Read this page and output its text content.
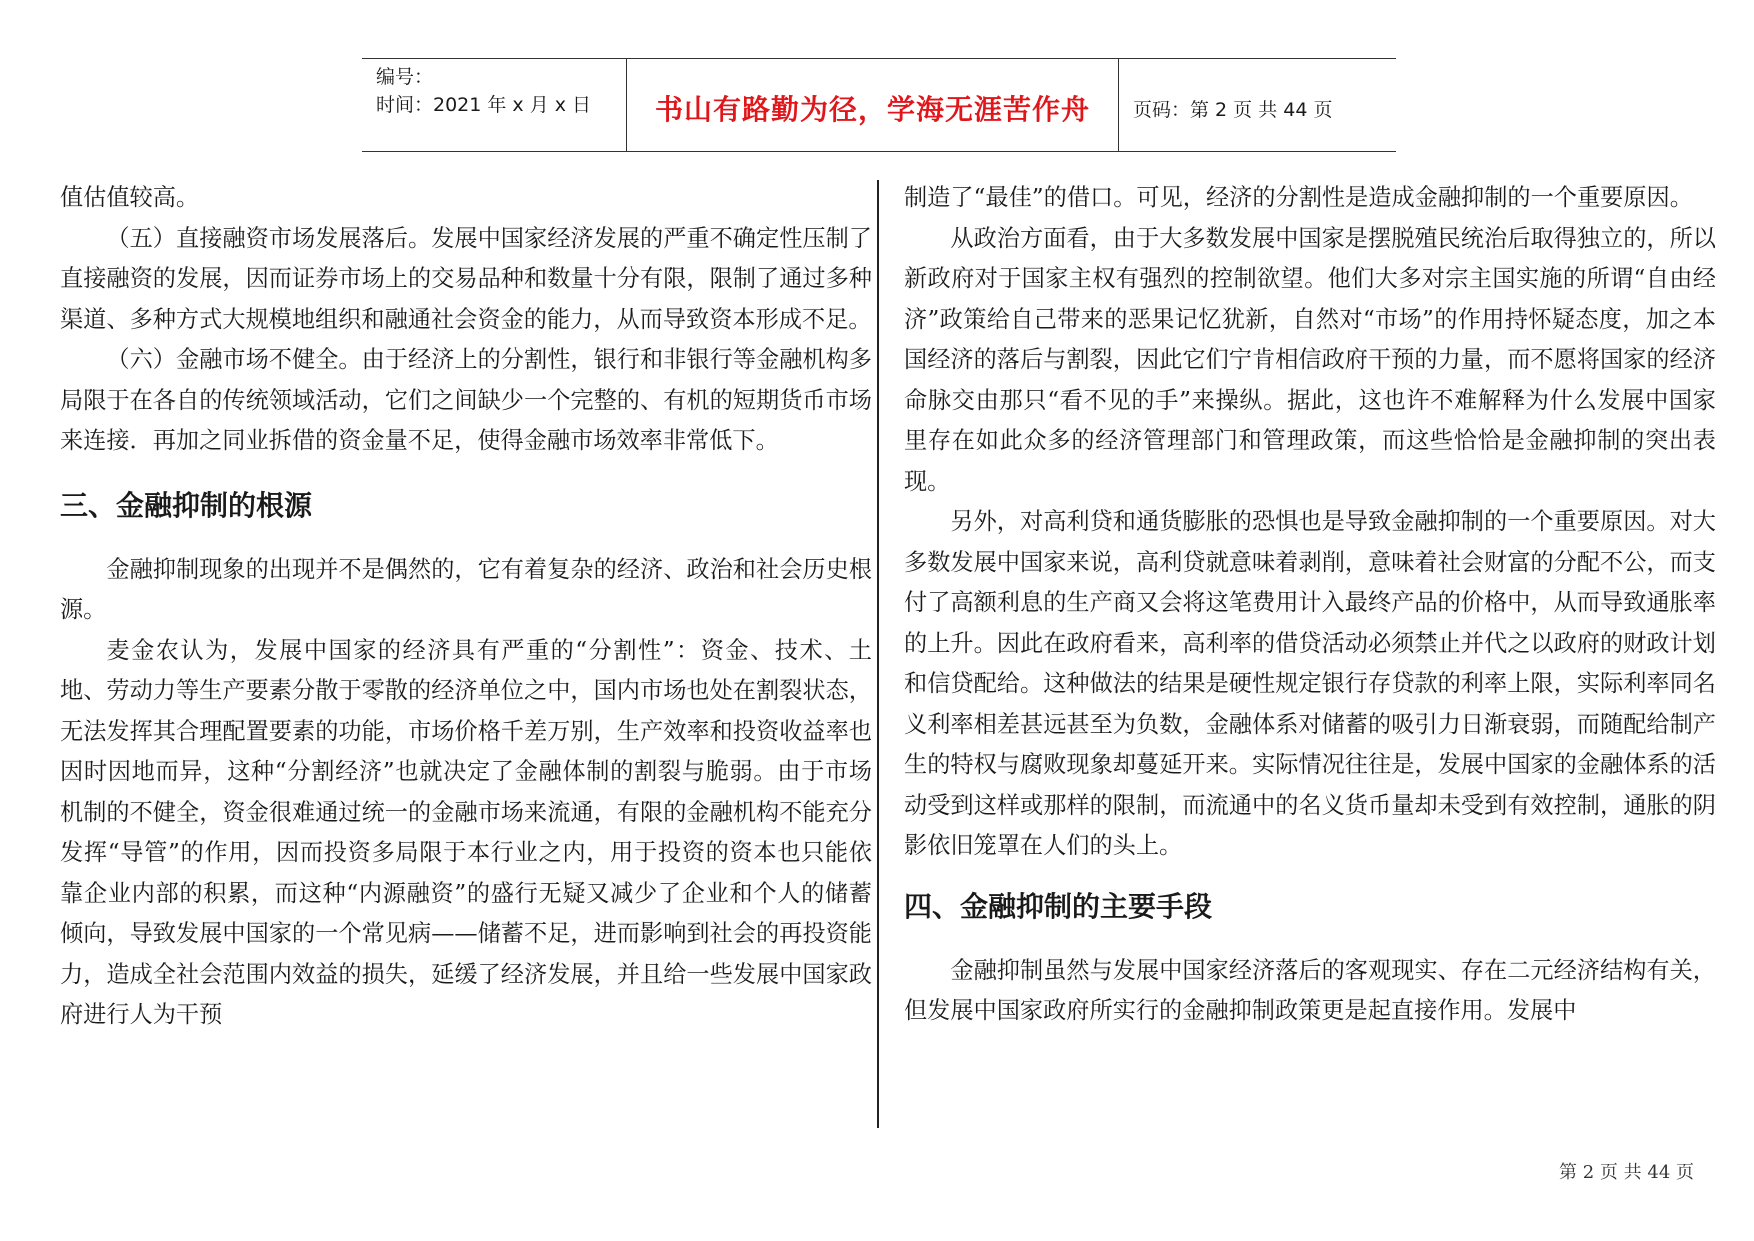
编号：
时间：2021 年 x 月 x 日	书山有路勤为径，学海无涯苦作舟	页码：第 2 页 共 44 页

值估值较高。

（五）直接融资市场发展落后。发展中国家经济发展的严重不确定性压制了直接融资的发展，因而证券市场上的交易品种和数量十分有限，限制了通过多种渠道、多种方式大规模地组织和融通社会资金的能力，从而导致资本形成不足。

（六）金融市场不健全。由于经济上的分割性，银行和非银行等金融机构多局限于在各自的传统领域活动，它们之间缺少一个完整的、有机的短期货币市场来连接．再加之同业拆借的资金量不足，使得金融市场效率非常低下。

三、金融抑制的根源

金融抑制现象的出现并不是偶然的，它有着复杂的经济、政治和社会历史根源。

麦金农认为，发展中国家的经济具有严重的“分割性”：资金、技术、土地、劳动力等生产要素分散于零散的经济单位之中，国内市场也处在割裂状态，无法发挥其合理配置要素的功能，市场价格千差万别，生产效率和投资收益率也因时因地而异，这种“分割经济”也就决定了金融体制的割裂与脆弱。由于市场机制的不健全，资金很难通过统一的金融市场来流通，有限的金融机构不能充分发挥“导管”的作用，因而投资多局限于本行业之内，用于投资的资本也只能依靠企业内部的积累，而这种“内源融资”的盛行无疑又减少了企业和个人的储蓄倾向，导致发展中国家的一个常见病——储蓄不足，进而影响到社会的再投资能力，造成全社会范围内效益的损失，延缓了经济发展，并且给一些发展中国家政府进行人为干预

制造了“最佳”的借口。可见，经济的分割性是造成金融抑制的一个重要原因。

从政治方面看，由于大多数发展中国家是摆脱殖民统治后取得独立的，所以新政府对于国家主权有强烈的控制欲望。他们大多对宗主国实施的所谓“自由经济”政策给自己带来的恶果记忆犹新，自然对“市场”的作用持怀疑态度，加之本国经济的落后与割裂，因此它们宁肯相信政府干预的力量，而不愿将国家的经济命脉交由那只“看不见的手”来操纵。据此，这也许不难解释为什么发展中国家里存在如此众多的经济管理部门和管理政策，而这些恰恰是金融抑制的突出表现。

另外，对高利贷和通货膨胀的恐惧也是导致金融抑制的一个重要原因。对大多数发展中国家来说，高利贷就意味着剥削，意味着社会财富的分配不公，而支付了高额利息的生产商又会将这笔费用计入最终产品的价格中，从而导致通胀率的上升。因此在政府看来，高利率的借贷活动必须禁止并代之以政府的财政计划和信贷配给。这种做法的结果是硬性规定银行存贷款的利率上限，实际利率同名义利率相差甚远甚至为负数，金融体系对储蓄的吸引力日渐衰弱，而随配给制产生的特权与腐败现象却蔓延开来。实际情况往往是，发展中国家的金融体系的活动受到这样或那样的限制，而流通中的名义货币量却未受到有效控制，通胀的阴影依旧笼罩在人们的头上。

四、金融抑制的主要手段

金融抑制虽然与发展中国家经济落后的客观现实、存在二元经济结构有关，但发展中国家政府所实行的金融抑制政策更是起直接作用。发展中

第 2 页 共 44 页
